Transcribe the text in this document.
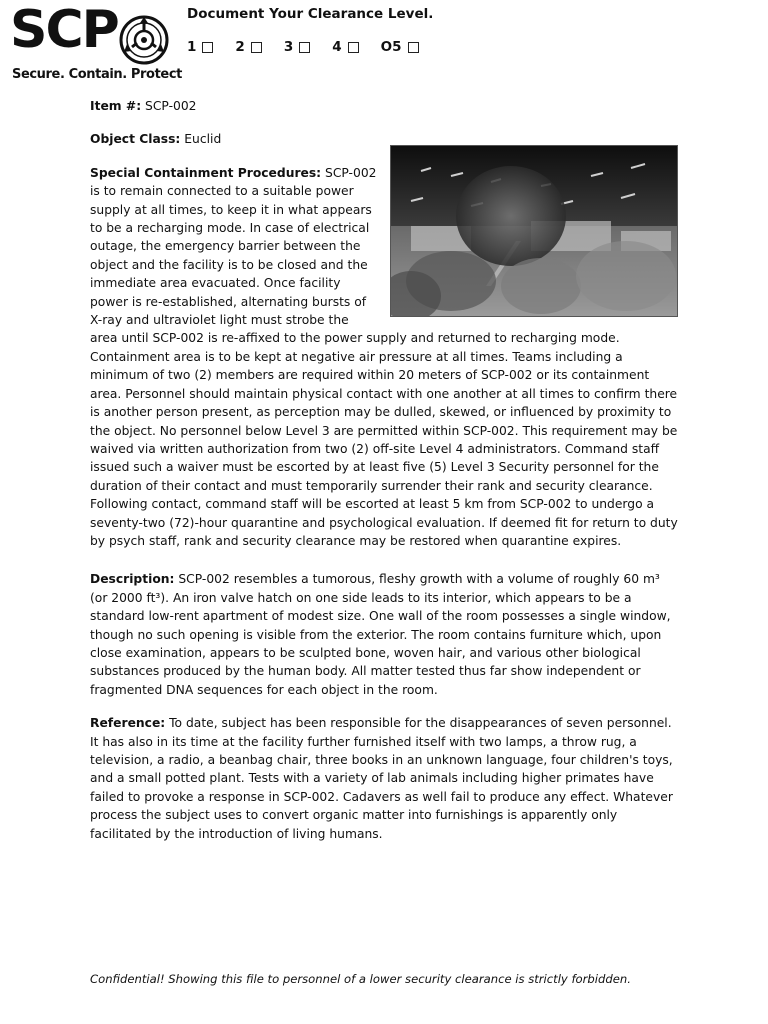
SCP
Secure. Contain. Protect
Document Your Clearance Level.
1	2	3	4	O5

Item #: SCP-002

Object Class: Euclid

Special Containment Procedures: SCP-002 is to remain connected to a suitable power supply at all times, to keep it in what appears to be a recharging mode. In case of electrical outage, the emergency barrier between the object and the facility is to be closed and the immediate area evacuated. Once facility power is re-established, alternating bursts of X-ray and ultraviolet light must strobe the area until SCP-002 is re-affixed to the power supply and returned to recharging mode. Containment area is to be kept at negative air pressure at all times. Teams including a minimum of two (2) members are required within 20 meters of SCP-002 or its containment area. Personnel should maintain physical contact with one another at all times to confirm there is another person present, as perception may be dulled, skewed, or influenced by proximity to the object. No personnel below Level 3 are permitted within SCP-002. This requirement may be waived via written authorization from two (2) off-site Level 4 administrators. Command staff issued such a waiver must be escorted by at least five (5) Level 3 Security personnel for the duration of their contact and must temporarily surrender their rank and security clearance. Following contact, command staff will be escorted at least 5 km from SCP-002 to undergo a seventy-two (72)-hour quarantine and psychological evaluation. If deemed fit for return to duty by psych staff, rank and security clearance may be restored when quarantine expires.

Description: SCP-002 resembles a tumorous, fleshy growth with a volume of roughly 60 m³ (or 2000 ft³). An iron valve hatch on one side leads to its interior, which appears to be a standard low-rent apartment of modest size. One wall of the room possesses a single window, though no such opening is visible from the exterior. The room contains furniture which, upon close examination, appears to be sculpted bone, woven hair, and various other biological substances produced by the human body. All matter tested thus far show independent or fragmented DNA sequences for each object in the room.

Reference: To date, subject has been responsible for the disappearances of seven personnel. It has also in its time at the facility further furnished itself with two lamps, a throw rug, a television, a radio, a beanbag chair, three books in an unknown language, four children's toys, and a small potted plant. Tests with a variety of lab animals including higher primates have failed to provoke a response in SCP-002. Cadavers as well fail to produce any effect. Whatever process the subject uses to convert organic matter into furnishings is apparently only facilitated by the introduction of living humans.

Confidential! Showing this file to personnel of a lower security clearance is strictly forbidden.
